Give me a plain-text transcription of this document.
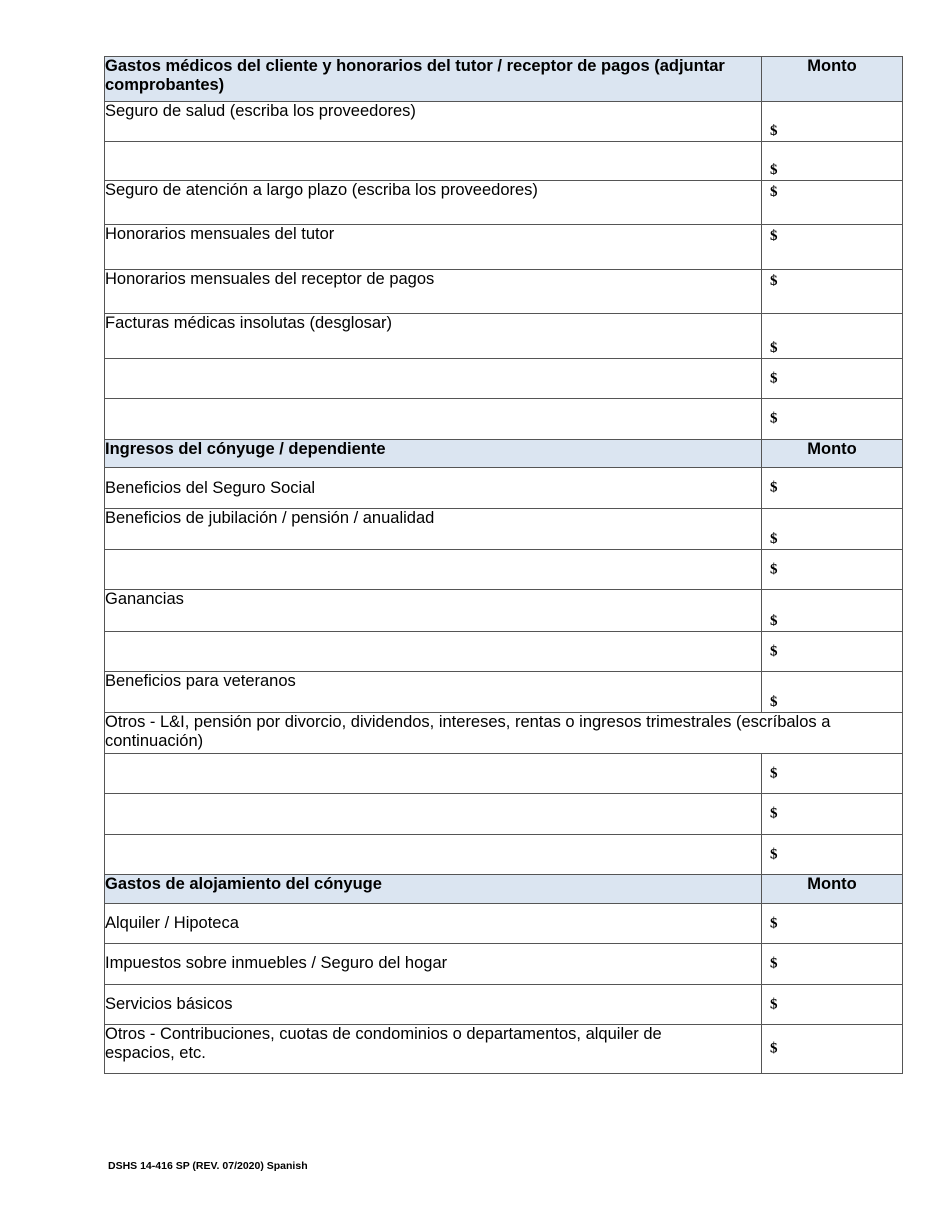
Gastos médicos del cliente y honorarios del tutor / receptor de pagos (adjuntar comprobantes)	Monto
Seguro de salud (escriba los proveedores)	$

	$

Seguro de atención a largo plazo (escriba los proveedores)	$

Honorarios mensuales del tutor	$

Honorarios mensuales del receptor de pagos	$

Facturas médicas insolutas (desglosar)	$

	$

	$

Ingresos del cónyuge / dependiente	Monto
Beneficios del Seguro Social	$

Beneficios de jubilación / pensión / anualidad	$

	$

Ganancias	$

	$

Beneficios para veteranos	$

Otros - L&I, pensión por divorcio, dividendos, intereses, rentas o ingresos trimestrales (escríbalos a continuación)	

	$

	$

	$

Gastos de alojamiento del cónyuge	Monto
Alquiler / Hipoteca	$

Impuestos sobre inmuebles / Seguro del hogar	$

Servicios básicos	$

Otros - Contribuciones, cuotas de condominios o departamentos, alquiler de espacios, etc.	$
DSHS 14-416 SP (REV. 07/2020) Spanish
